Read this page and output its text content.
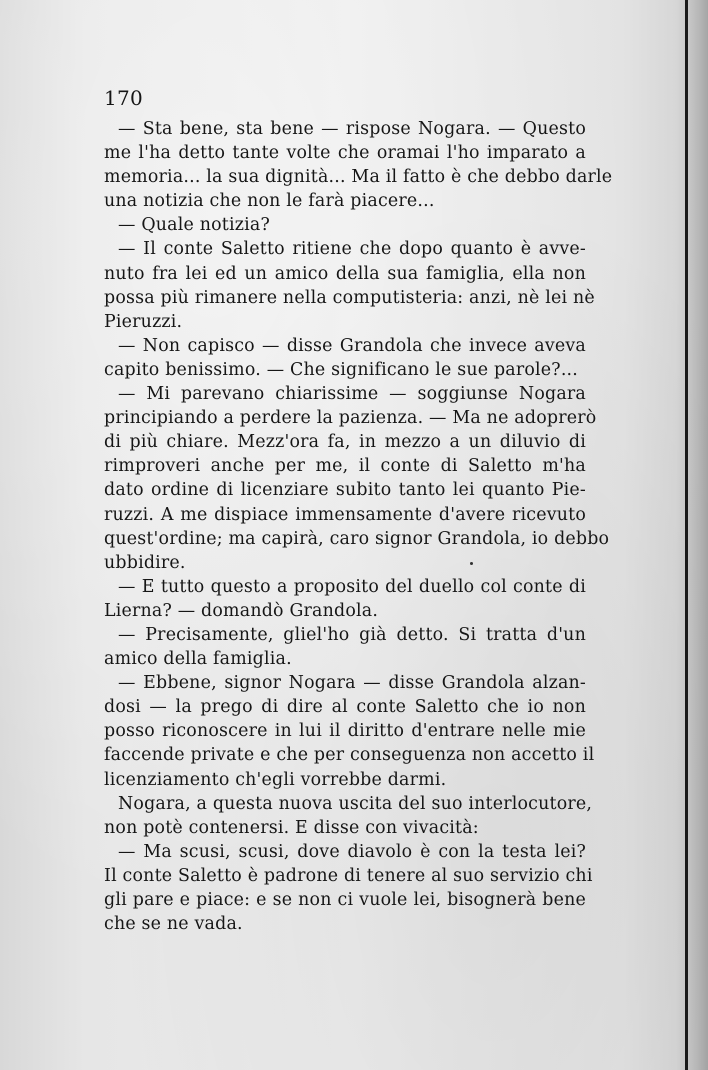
170
— Sta bene, sta bene — rispose Nogara. — Questo
me l'ha detto tante volte che oramai l'ho imparato a
memoria... la sua dignità... Ma il fatto è che debbo darle
una notizia che non le farà piacere...
— Quale notizia?
— Il conte Saletto ritiene che dopo quanto è avve-
nuto fra lei ed un amico della sua famiglia, ella non
possa più rimanere nella computisteria: anzi, nè lei nè
Pieruzzi.
— Non capisco — disse Grandola che invece aveva
capito benissimo. — Che significano le sue parole?...
— Mi parevano chiarissime — soggiunse Nogara
principiando a perdere la pazienza. — Ma ne adoprerò
di più chiare. Mezz'ora fa, in mezzo a un diluvio di
rimproveri anche per me, il conte di Saletto m'ha
dato ordine di licenziare subito tanto lei quanto Pie-
ruzzi. A me dispiace immensamente d'avere ricevuto
quest'ordine; ma capirà, caro signor Grandola, io debbo
ubbidire.
— E tutto questo a proposito del duello col conte di
Lierna? — domandò Grandola.
— Precisamente, gliel'ho già detto. Si tratta d'un
amico della famiglia.
— Ebbene, signor Nogara — disse Grandola alzan-
dosi — la prego di dire al conte Saletto che io non
posso riconoscere in lui il diritto d'entrare nelle mie
faccende private e che per conseguenza non accetto il
licenziamento ch'egli vorrebbe darmi.
Nogara, a questa nuova uscita del suo interlocutore,
non potè contenersi. E disse con vivacità:
— Ma scusi, scusi, dove diavolo è con la testa lei?
Il conte Saletto è padrone di tenere al suo servizio chi
gli pare e piace: e se non ci vuole lei, bisognerà bene
che se ne vada.
